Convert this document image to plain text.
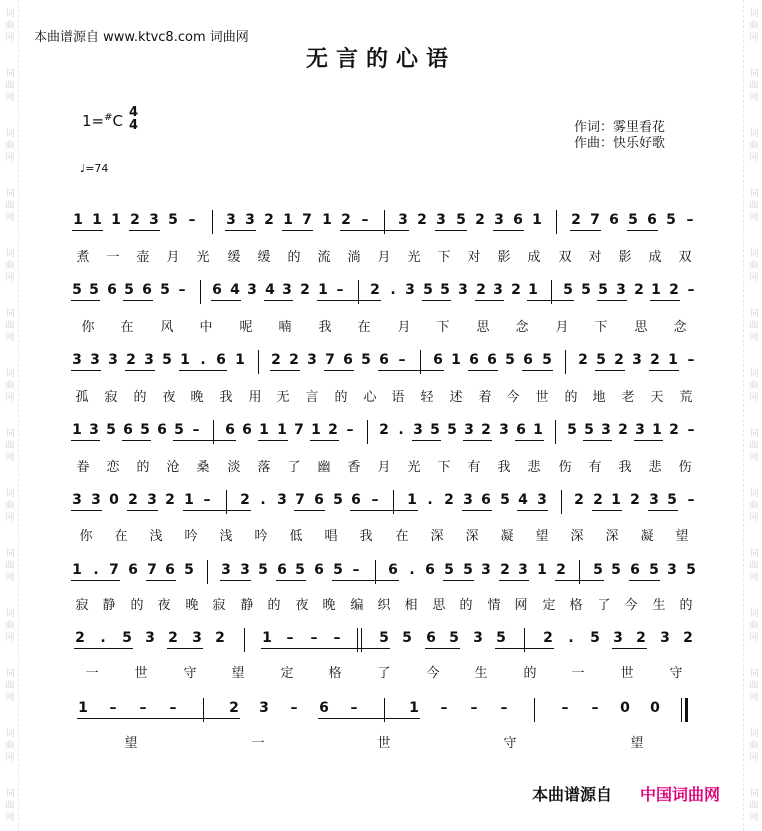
词
曲
网
词
曲
网
词
曲
网
词
曲
网
词
曲
网
词
曲
网
词
曲
网
词
曲
网
词
曲
网
词
曲
网
词
曲
网
词
曲
网
词
曲
网
词
曲
网
词
曲
网
词
曲
网
词
曲
网
词
曲
网
词
曲
网
词
曲
网
词
曲
网
词
曲
网
词
曲
网
词
曲
网
词
曲
网
词
曲
网
词
曲
网
词
曲
网
本曲谱源自 www.ktvc8.com 词曲网
无言的心语
1=#C 4
4	作词：雾里看花
作曲：快乐好歌
♩=74
1 1 1 2 3 5 – 3 3 2 1 7 1 2 – 3 2 3 5 2 3 6 1 2 7 6 5 6 5 –
煮 一 壶 月 光 缓 缓 的 流 淌 月 光 下 对 影 成 双 对 影 成 双
5 5 6 5 6 5 – 6 4 3 4 3 2 1 – 2 . 3 5 5 3 2 3 2 1 5 5 5 3 2 1 2 –
你 在 风 中 呢 喃 我 在 月 下 思 念 月 下 思 念
3 3 3 2 3 5 1 . 6 1 2 2 3 7 6 5 6 – 6 1 6 6 5 6 5 2 5 2 3 2 1 –
孤 寂 的 夜 晚 我 用 无 言 的 心 语 轻 述 着 今 世 的 地 老 天 荒
1 3 5 6 5 6 5 – 6 6 1 1 7 1 2 – 2 . 3 5 5 3 2 3 6 1 5 5 3 2 3 1 2 –
眷 恋 的 沧 桑 淡 落 了 幽 香 月 光 下 有 我 悲 伤 有 我 悲 伤
3 3 0 2 3 2 1 – 2 . 3 7 6 5 6 – 1 . 2 3 6 5 4 3 2 2 1 2 3 5 –
你 在 浅 吟 浅 吟 低 唱 我 在 深 深 凝 望 深 深 凝 望
1 . 7 6 7 6 5 3 3 5 6 5 6 5 – 6 . 6 5 5 3 2 3 1 2 5 5 6 5 3 5
寂 静 的 夜 晚 寂 静 的 夜 晚 编 织 相 思 的 情 网 定 格 了 今 生 的
2 . 5 3 2 3 2	1 – – –	5 5 6 5 3 5	2 . 5 3 2 3 2
一	世	守	望	定	格	了	今	生	的	一	世	守
1 – – –	2 3 – 6 –	1 – – –	– – 0 0
望	一	世	守	望
本曲谱源自 中国词曲网
